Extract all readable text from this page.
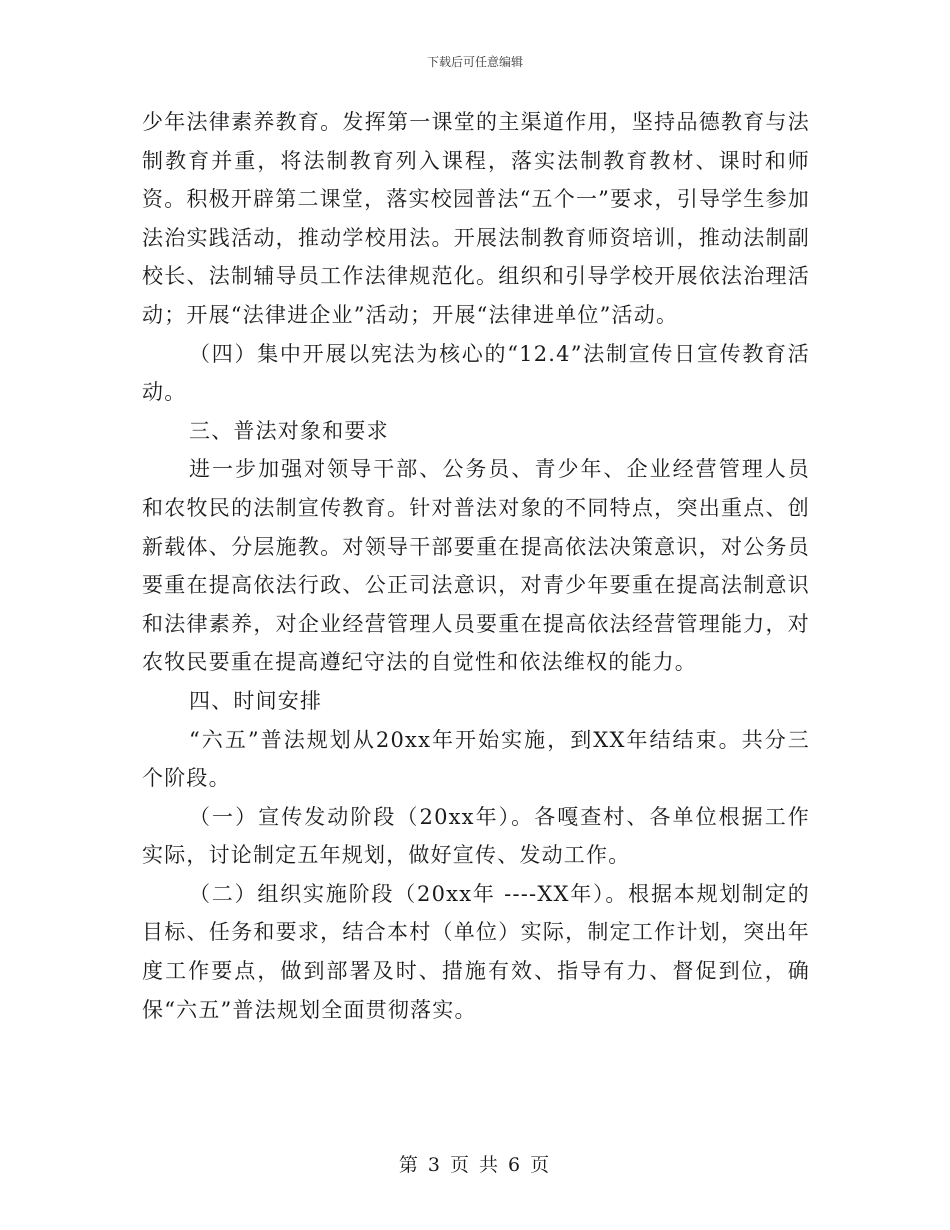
下载后可任意编辑

少年法律素养教育。发挥第一课堂的主渠道作用，坚持品德教育与法制教育并重，将法制教育列入课程，落实法制教育教材、课时和师资。积极开辟第二课堂，落实校园普法“五个一”要求，引导学生参加法治实践活动，推动学校用法。开展法制教育师资培训，推动法制副校长、法制辅导员工作法律规范化。组织和引导学校开展依法治理活动；开展“法律进企业”活动；开展“法律进单位”活动。

（四）集中开展以宪法为核心的“12.4”法制宣传日宣传教育活动。

三、普法对象和要求

进一步加强对领导干部、公务员、青少年、企业经营管理人员和农牧民的法制宣传教育。针对普法对象的不同特点，突出重点、创新载体、分层施教。对领导干部要重在提高依法决策意识，对公务员要重在提高依法行政、公正司法意识，对青少年要重在提高法制意识和法律素养，对企业经营管理人员要重在提高依法经营管理能力，对农牧民要重在提高遵纪守法的自觉性和依法维权的能力。

四、时间安排

“六五”普法规划从20xx年开始实施，到XX年结结束。共分三个阶段。

（一）宣传发动阶段（20xx年）。各嘎查村、各单位根据工作实际，讨论制定五年规划，做好宣传、发动工作。

（二）组织实施阶段（20xx年 ----XX年）。根据本规划制定的目标、任务和要求，结合本村（单位）实际，制定工作计划，突出年度工作要点，做到部署及时、措施有效、指导有力、督促到位，确保“六五”普法规划全面贯彻落实。

第 3 页 共 6 页
